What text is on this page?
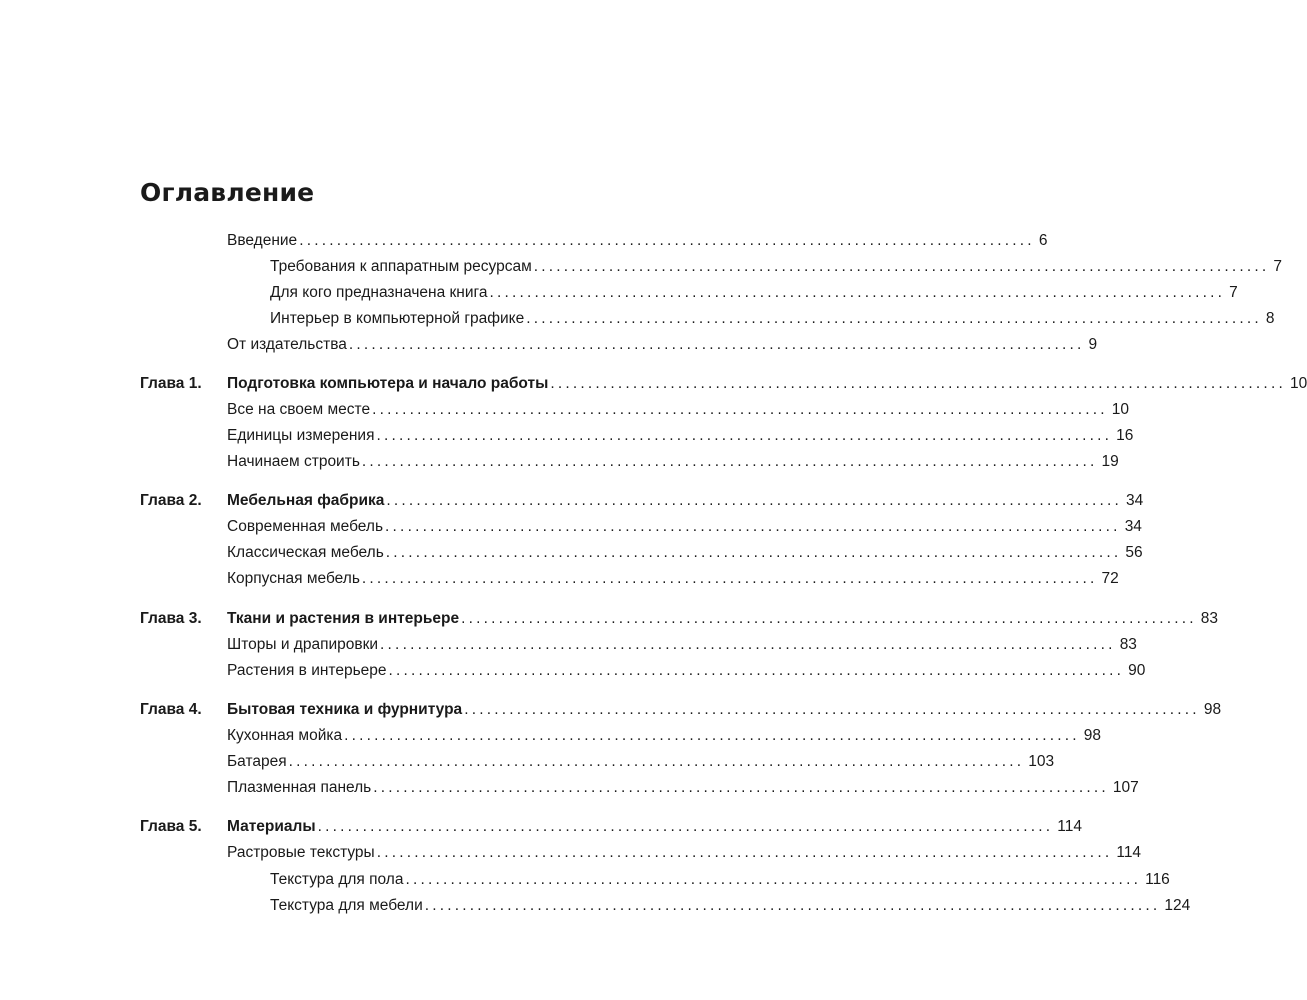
Оглавление
Введение .................................................................................................. 6
Требования к аппаратным ресурсам .................................................................................................. 7
Для кого предназначена книга .................................................................................................. 7
Интерьер в компьютерной графике .................................................................................................. 8
От издательства .................................................................................................. 9
Глава 1. Подготовка компьютера и начало работы .................................................................................................. 10
Все на своем месте .................................................................................................. 10
Единицы измерения .................................................................................................. 16
Начинаем строить .................................................................................................. 19
Глава 2. Мебельная фабрика .................................................................................................. 34
Современная мебель .................................................................................................. 34
Классическая мебель .................................................................................................. 56
Корпусная мебель .................................................................................................. 72
Глава 3. Ткани и растения в интерьере .................................................................................................. 83
Шторы и драпировки .................................................................................................. 83
Растения в интерьере .................................................................................................. 90
Глава 4. Бытовая техника и фурнитура .................................................................................................. 98
Кухонная мойка .................................................................................................. 98
Батарея .................................................................................................. 103
Плазменная панель .................................................................................................. 107
Глава 5. Материалы .................................................................................................. 114
Растровые текстуры .................................................................................................. 114
Текстура для пола .................................................................................................. 116
Текстура для мебели .................................................................................................. 124
